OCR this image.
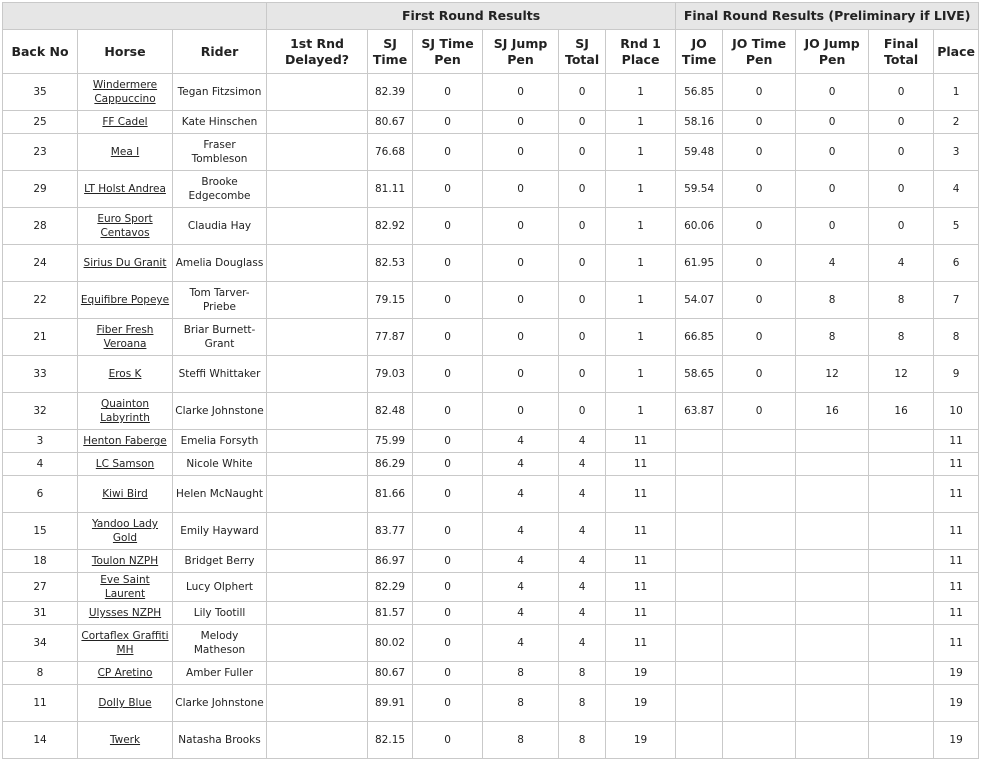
			First Round Results						Final Round Results (Preliminary if LIVE)				
Back No	Horse	Rider	1st Rnd Delayed?	SJ Time	SJ Time Pen	SJ Jump Pen	SJ Total	Rnd 1 Place	JO Time	JO Time Pen	JO Jump Pen	Final Total	Place
35	Windermere Cappuccino	Tegan Fitzsimon		82.39	0	0	0	1	56.85	0	0	0	1
25	FF Cadel	Kate Hinschen		80.67	0	0	0	1	58.16	0	0	0	2
23	Mea I	Fraser Tombleson		76.68	0	0	0	1	59.48	0	0	0	3
29	LT Holst Andrea	Brooke Edgecombe		81.11	0	0	0	1	59.54	0	0	0	4
28	Euro Sport Centavos	Claudia Hay		82.92	0	0	0	1	60.06	0	0	0	5
24	Sirius Du Granit	Amelia Douglass		82.53	0	0	0	1	61.95	0	4	4	6
22	Equifibre Popeye	Tom Tarver-Priebe		79.15	0	0	0	1	54.07	0	8	8	7
21	Fiber Fresh Veroana	Briar Burnett-Grant		77.87	0	0	0	1	66.85	0	8	8	8
33	Eros K	Steffi Whittaker		79.03	0	0	0	1	58.65	0	12	12	9
32	Quainton Labyrinth	Clarke Johnstone		82.48	0	0	0	1	63.87	0	16	16	10
3	Henton Faberge	Emelia Forsyth		75.99	0	4	4	11					11
4	LC Samson	Nicole White		86.29	0	4	4	11					11
6	Kiwi Bird	Helen McNaught		81.66	0	4	4	11					11
15	Yandoo Lady Gold	Emily Hayward		83.77	0	4	4	11					11
18	Toulon NZPH	Bridget Berry		86.97	0	4	4	11					11
27	Eve Saint Laurent	Lucy Olphert		82.29	0	4	4	11					11
31	Ulysses NZPH	Lily Tootill		81.57	0	4	4	11					11
34	Cortaflex Graffiti MH	Melody Matheson		80.02	0	4	4	11					11
8	CP Aretino	Amber Fuller		80.67	0	8	8	19					19
11	Dolly Blue	Clarke Johnstone		89.91	0	8	8	19					19
14	Twerk	Natasha Brooks		82.15	0	8	8	19					19
